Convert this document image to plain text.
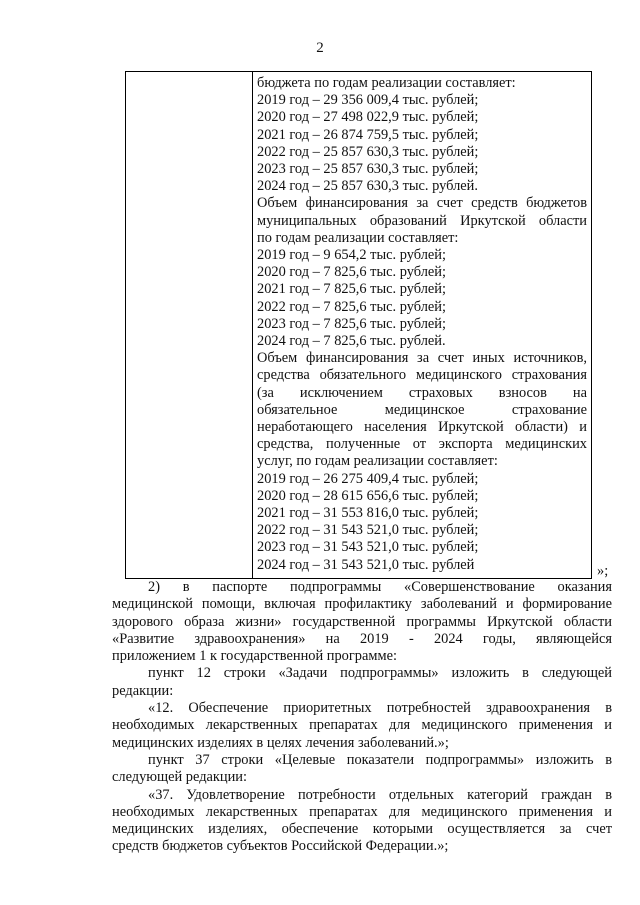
2
бюджета по годам реализации составляет:
2019 год – 29 356 009,4 тыс. рублей;
2020 год – 27 498 022,9 тыс. рублей;
2021 год – 26 874 759,5 тыс. рублей;
2022 год – 25 857 630,3 тыс. рублей;
2023 год – 25 857 630,3 тыс. рублей;
2024 год – 25 857 630,3 тыс. рублей.
Объем финансирования за счет средств бюджетов
муниципальных образований Иркутской области
по годам реализации составляет:
2019 год – 9 654,2 тыс. рублей;
2020 год – 7 825,6 тыс. рублей;
2021 год – 7 825,6 тыс. рублей;
2022 год – 7 825,6 тыс. рублей;
2023 год – 7 825,6 тыс. рублей;
2024 год – 7 825,6 тыс. рублей.
Объем финансирования за счет иных источников,
средства обязательного медицинского страхования
(за исключением страховых взносов на
обязательное медицинское страхование
неработающего населения Иркутской области) и
средства, полученные от экспорта медицинских
услуг, по годам реализации составляет:
2019 год – 26 275 409,4 тыс. рублей;
2020 год – 28 615 656,6 тыс. рублей;
2021 год – 31 553 816,0 тыс. рублей;
2022 год – 31 543 521,0 тыс. рублей;
2023 год – 31 543 521,0 тыс. рублей;
2024 год – 31 543 521,0 тыс. рублей	»;
2) в паспорте подпрограммы «Совершенствование оказания
медицинской помощи, включая профилактику заболеваний и формирование
здорового образа жизни» государственной программы Иркутской области
«Развитие здравоохранения» на 2019 - 2024 годы, являющейся
приложением 1 к государственной программе:
пункт 12 строки «Задачи подпрограммы» изложить в следующей
редакции:
«12. Обеспечение приоритетных потребностей здравоохранения в
необходимых лекарственных препаратах для медицинского применения и
медицинских изделиях в целях лечения заболеваний.»;
пункт 37 строки «Целевые показатели подпрограммы» изложить в
следующей редакции:
«37. Удовлетворение потребности отдельных категорий граждан в
необходимых лекарственных препаратах для медицинского применения и
медицинских изделиях, обеспечение которыми осуществляется за счет
средств бюджетов субъектов Российской Федерации.»;
